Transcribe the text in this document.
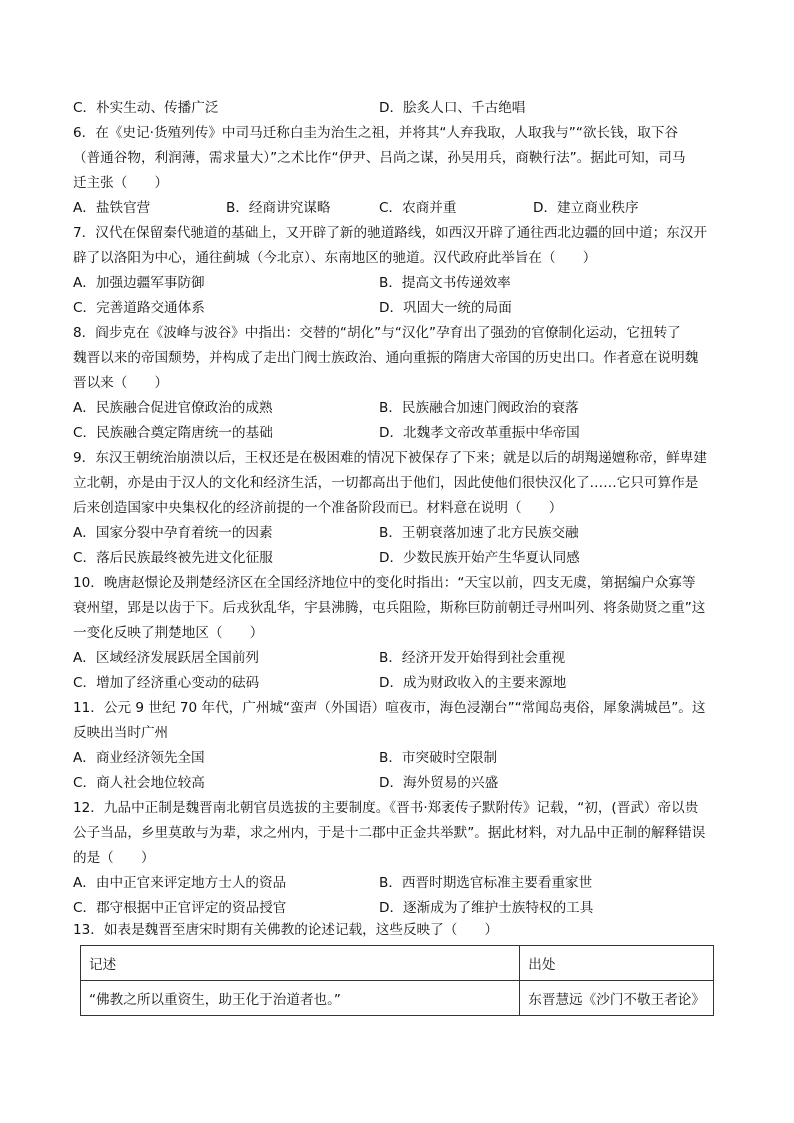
C．朴实生动、传播广泛	D．脍炙人口、千古绝唱
6．在《史记·货殖列传》中司马迁称白圭为治生之祖，并将其“人弃我取，人取我与”“欲长钱，取下谷
（普通谷物，利润薄，需求量大）”之术比作“伊尹、吕尚之谋，孙吴用兵，商鞅行法”。据此可知，司马
迁主张（　　）
A．盐铁官营	B．经商讲究谋略	C．农商并重	D．建立商业秩序
7．汉代在保留秦代驰道的基础上，又开辟了新的驰道路线，如西汉开辟了通往西北边疆的回中道；东汉开
辟了以洛阳为中心，通往蓟城（今北京）、东南地区的驰道。汉代政府此举旨在（　　）
A．加强边疆军事防御	B．提高文书传递效率
C．完善道路交通体系	D．巩固大一统的局面
8．阎步克在《波峰与波谷》中指出：交替的“胡化”与“汉化”孕育出了强劲的官僚制化运动，它扭转了
魏晋以来的帝国颓势，并构成了走出门阀士族政治、通向重振的隋唐大帝国的历史出口。作者意在说明魏
晋以来（　　）
A．民族融合促进官僚政治的成熟	B．民族融合加速门阀政治的衰落
C．民族融合奠定隋唐统一的基础	D．北魏孝文帝改革重振中华帝国
9．东汉王朝统治崩溃以后，王权还是在极困难的情况下被保存了下来；就是以后的胡羯递嬗称帝，鲜卑建
立北朝，亦是由于汉人的文化和经济生活，一切都高出于他们，因此使他们很快汉化了……它只可算作是
后来创造国家中央集权化的经济前提的一个准备阶段而已。材料意在说明（　　）
A．国家分裂中孕育着统一的因素	B．王朝衰落加速了北方民族交融
C．落后民族最终被先进文化征服	D．少数民族开始产生华夏认同感
10．晚唐赵憬论及荆楚经济区在全国经济地位中的变化时指出：“天宝以前，四支无虞，第据编户众寡等
衰州望，郢是以齿于下。后戎狄乱华，宇县沸腾，屯兵阻险，斯称巨防前朝迁寻州叫列、将条勋贤之重”这
一变化反映了荆楚地区（　　）
A．区域经济发展跃居全国前列	B．经济开发开始得到社会重视
C．增加了经济重心变动的砝码	D．成为财政收入的主要来源地
11．公元 9 世纪 70 年代，广州城“蛮声（外国语）喧夜市，海色浸潮台”“常闻岛夷俗，犀象满城邑”。这
反映出当时广州
A．商业经济领先全国	B．市突破时空限制
C．商人社会地位较高	D．海外贸易的兴盛
12．九品中正制是魏晋南北朝官员选拔的主要制度。《晋书·郑袤传子默附传》记载，“初，(晋武）帝以贵
公子当品，乡里莫敢与为辈，求之州内，于是十二郡中正金共举默”。据此材料，对九品中正制的解释错误
的是（　　）
A．由中正官来评定地方士人的资品	B．西晋时期选官标准主要看重家世
C．郡守根据中正官评定的资品授官	D．逐渐成为了维护士族特权的工具
13．如表是魏晋至唐宋时期有关佛教的论述记载，这些反映了（　　）
记述	出处
“佛教之所以重资生，助王化于治道者也。”	东晋慧远《沙门不敬王者论》
